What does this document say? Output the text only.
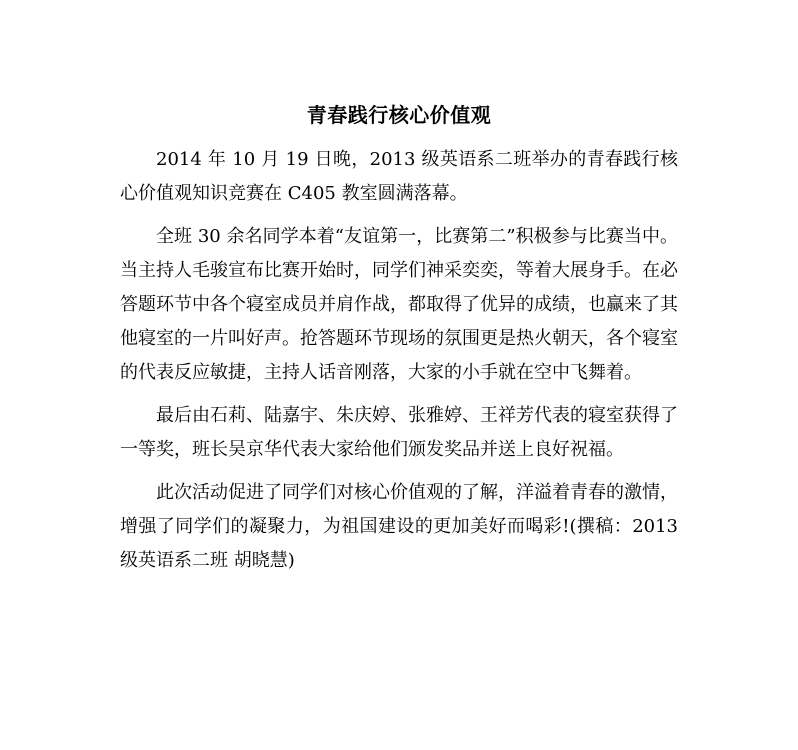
青春践行核心价值观

2014 年 10 月 19 日晚，2013 级英语系二班举办的青春践行核心价值观知识竞赛在 C405 教室圆满落幕。

全班 30 余名同学本着“友谊第一，比赛第二”积极参与比赛当中。当主持人毛骏宣布比赛开始时，同学们神采奕奕，等着大展身手。在必答题环节中各个寝室成员并肩作战，都取得了优异的成绩，也赢来了其他寝室的一片叫好声。抢答题环节现场的氛围更是热火朝天，各个寝室的代表反应敏捷，主持人话音刚落，大家的小手就在空中飞舞着。

最后由石莉、陆嘉宇、朱庆婷、张雅婷、王祥芳代表的寝室获得了一等奖，班长吴京华代表大家给他们颁发奖品并送上良好祝福。

此次活动促进了同学们对核心价值观的了解，洋溢着青春的激情，增强了同学们的凝聚力，为祖国建设的更加美好而喝彩!(撰稿：2013 级英语系二班 胡晓慧)
